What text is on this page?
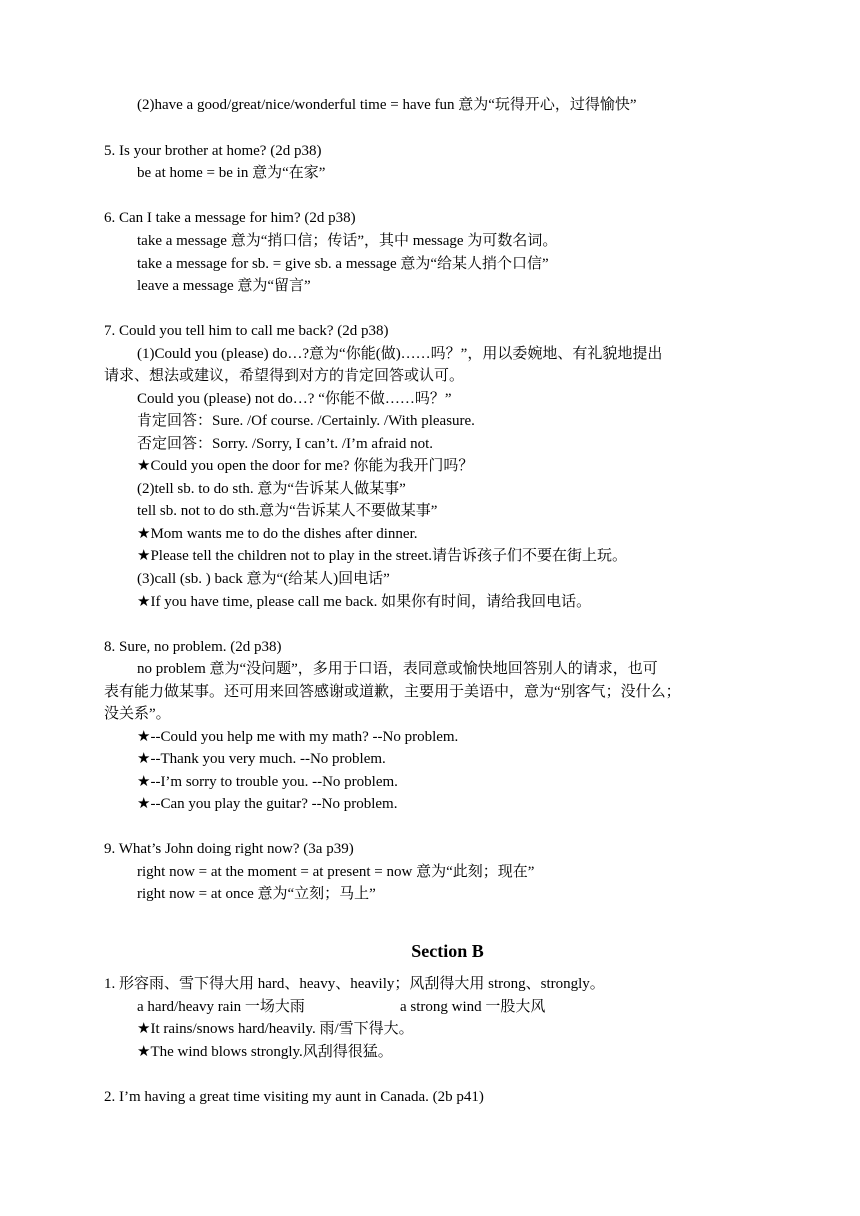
(2)have a good/great/nice/wonderful time = have fun 意为“玩得开心，过得愉快”
5. Is your brother at home? (2d p38)
be at home = be in 意为“在家”
6. Can I take a message for him? (2d p38)
take a message 意为“捎口信；传话”，其中 message 为可数名词。
take a message for sb. = give sb. a message 意为“给某人捎个口信”
leave a message 意为“留言”
7. Could you tell him to call me back? (2d p38)
(1)Could you (please) do…?意为“你能(做)……吗？”，用以委婉地、有礼貌地提出
请求、想法或建议，希望得到对方的肯定回答或认可。
Could you (please) not do…? “你能不做……吗？”
肯定回答：Sure. /Of course. /Certainly. /With pleasure.
否定回答：Sorry. /Sorry, I can’t. /I’m afraid not.
★Could you open the door for me? 你能为我开门吗？
(2)tell sb. to do sth. 意为“告诉某人做某事”
tell sb. not to do sth.意为“告诉某人不要做某事”
★Mom wants me to do the dishes after dinner.
★Please tell the children not to play in the street.请告诉孩子们不要在街上玩。
(3)call (sb. ) back 意为“(给某人)回电话”
★If you have time, please call me back. 如果你有时间，请给我回电话。
8. Sure, no problem. (2d p38)
no problem 意为“没问题”，多用于口语，表同意或愉快地回答别人的请求，也可
表有能力做某事。还可用来回答感谢或道歉，主要用于美语中，意为“别客气；没什么；
没关系”。
★--Could you help me with my math? --No problem.
★--Thank you very much. --No problem.
★--I’m sorry to trouble you. --No problem.
★--Can you play the guitar? --No problem.
9. What’s John doing right now? (3a p39)
right now = at the moment = at present = now 意为“此刻；现在”
right now = at once 意为“立刻；马上”
Section B
1. 形容雨、雪下得大用 hard、heavy、heavily；风刮得大用 strong、strongly。
a hard/heavy rain 一场大雨	a strong wind 一股大风
★It rains/snows hard/heavily. 雨/雪下得大。
★The wind blows strongly.风刮得很猛。
2. I’m having a great time visiting my aunt in Canada. (2b p41)
